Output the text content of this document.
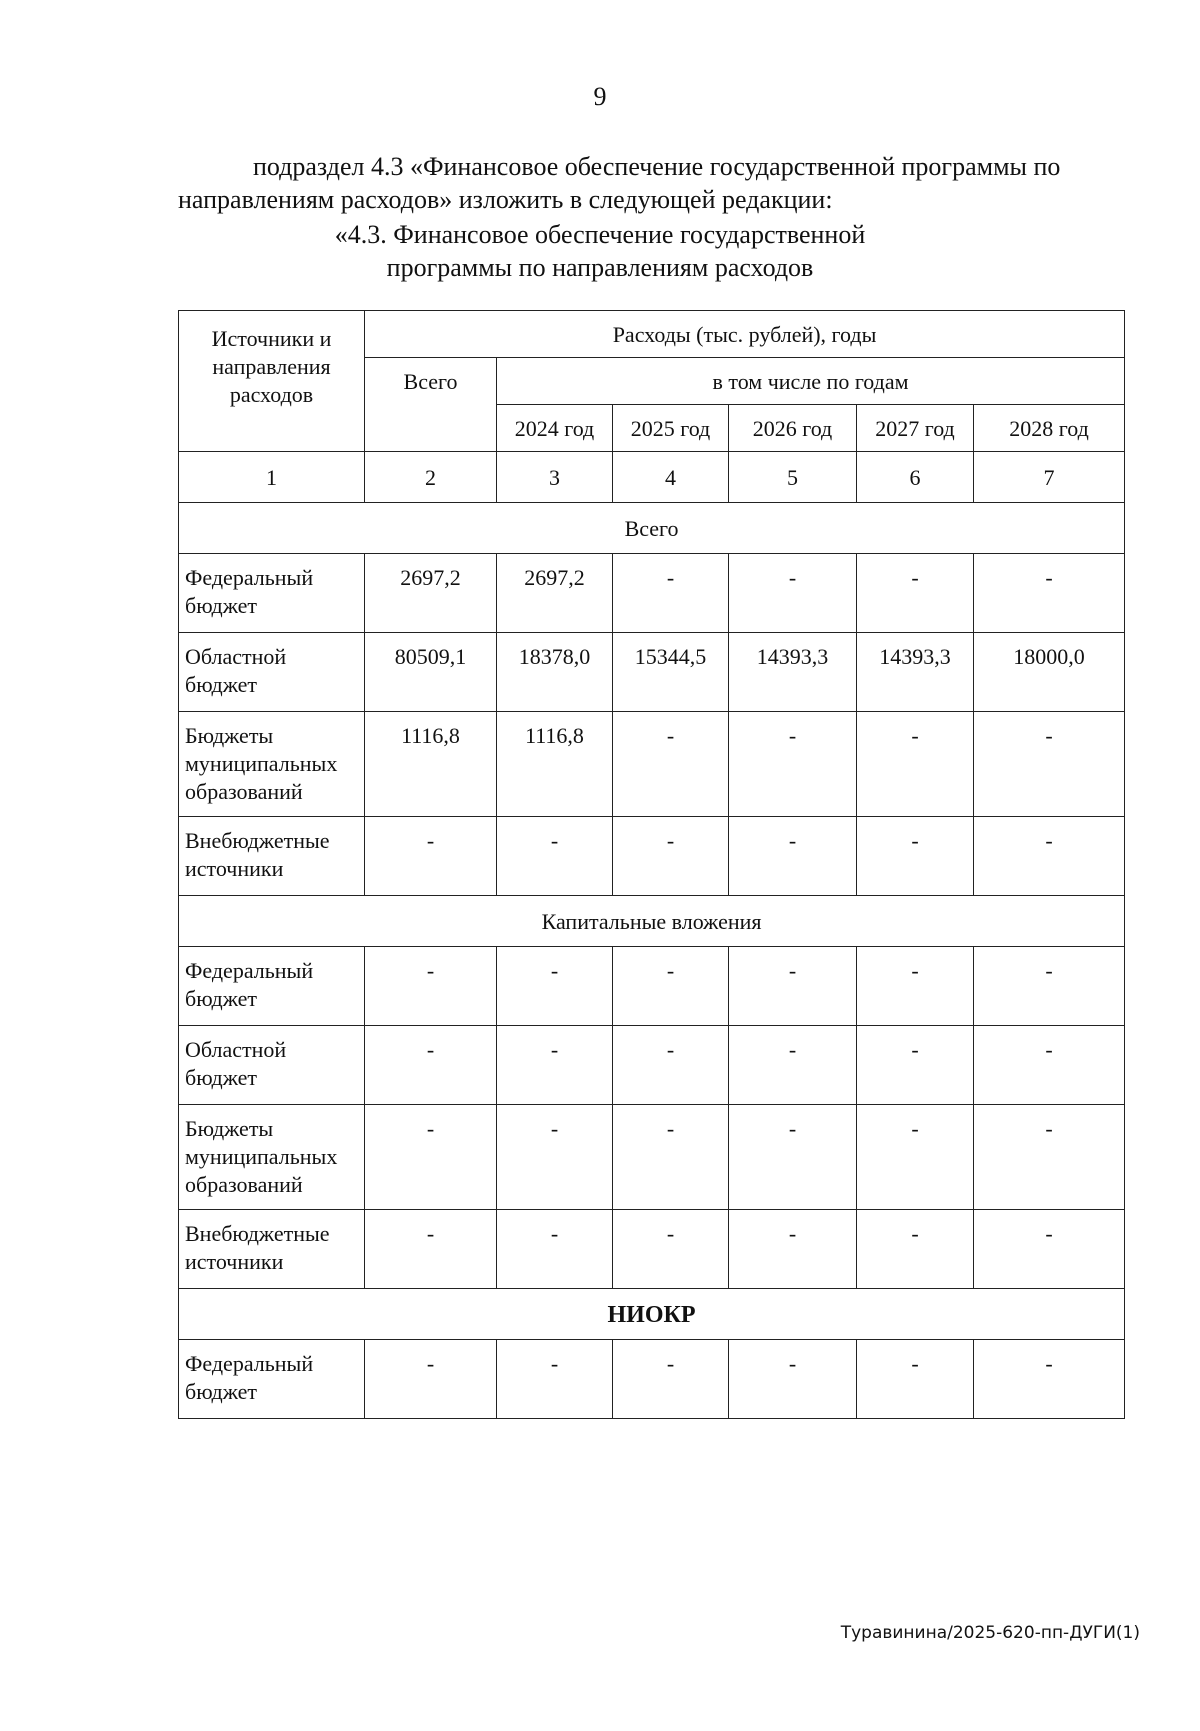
9

подраздел 4.3 «Финансовое обеспечение государственной программы по

направлениям расходов» изложить в следующей редакции:

«4.3. Финансовое обеспечение государственной

программы по направлениям расходов

Источники и направления расходов	Расходы (тыс. рублей), годы					
	Всего	в том числе по годам				
		2024 год	2025 год	2026 год	2027 год	2028 год
1	2	3	4	5	6	7
Всего						
Федеральный бюджет	2697,2	2697,2	-	-	-	-
Областной бюджет	80509,1	18378,0	15344,5	14393,3	14393,3	18000,0
Бюджеты муниципальных образований	1116,8	1116,8	-	-	-	-
Внебюджетные источники	-	-	-	-	-	-
Капитальные вложения						
Федеральный бюджет	-	-	-	-	-	-
Областной бюджет	-	-	-	-	-	-
Бюджеты муниципальных образований	-	-	-	-	-	-
Внебюджетные источники	-	-	-	-	-	-
НИОКР						
Федеральный бюджет	-	-	-	-	-	-
Туравинина/2025-620-пп-ДУГИ(1)
